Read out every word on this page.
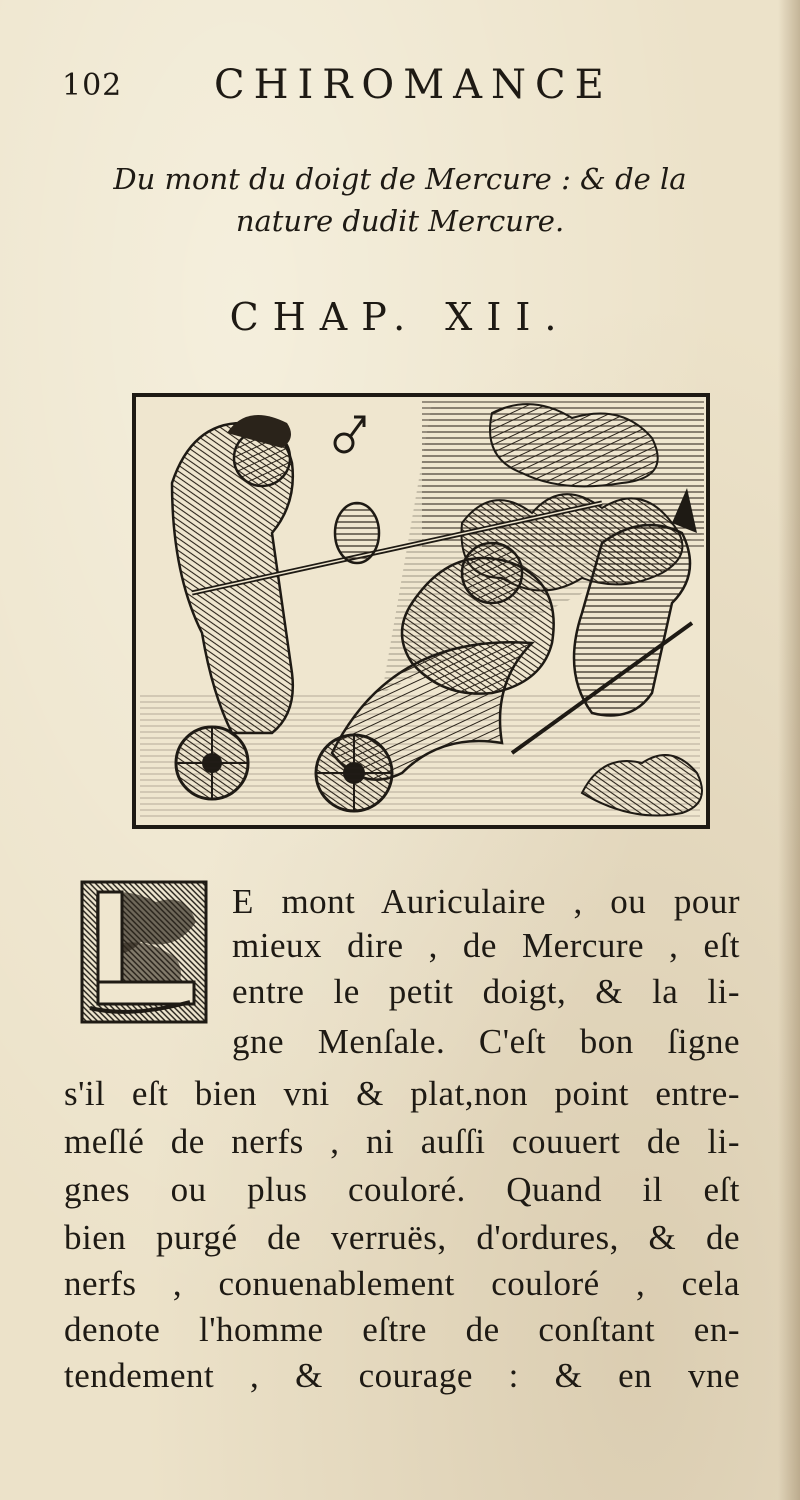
102 CHIROMANCE
Du mont du doigt de Mercure : & de la
nature dudit Mercure.
CHAP. XII.
E mont Auriculaire , ou pour
mieux dire , de Mercure , eſt
entre le petit doigt, & la li-
gne Menſale. C'eſt bon ſigne
s'il eſt bien vni & plat,non point entre-
meſlé de nerfs , ni auſſi couuert de li-
gnes ou plus couloré. Quand il eſt
bien purgé de verruës, d'ordures, & de
nerfs , conuenablement couloré , cela
denote l'homme eſtre de conſtant en-
tendement , & courage : & en vne
